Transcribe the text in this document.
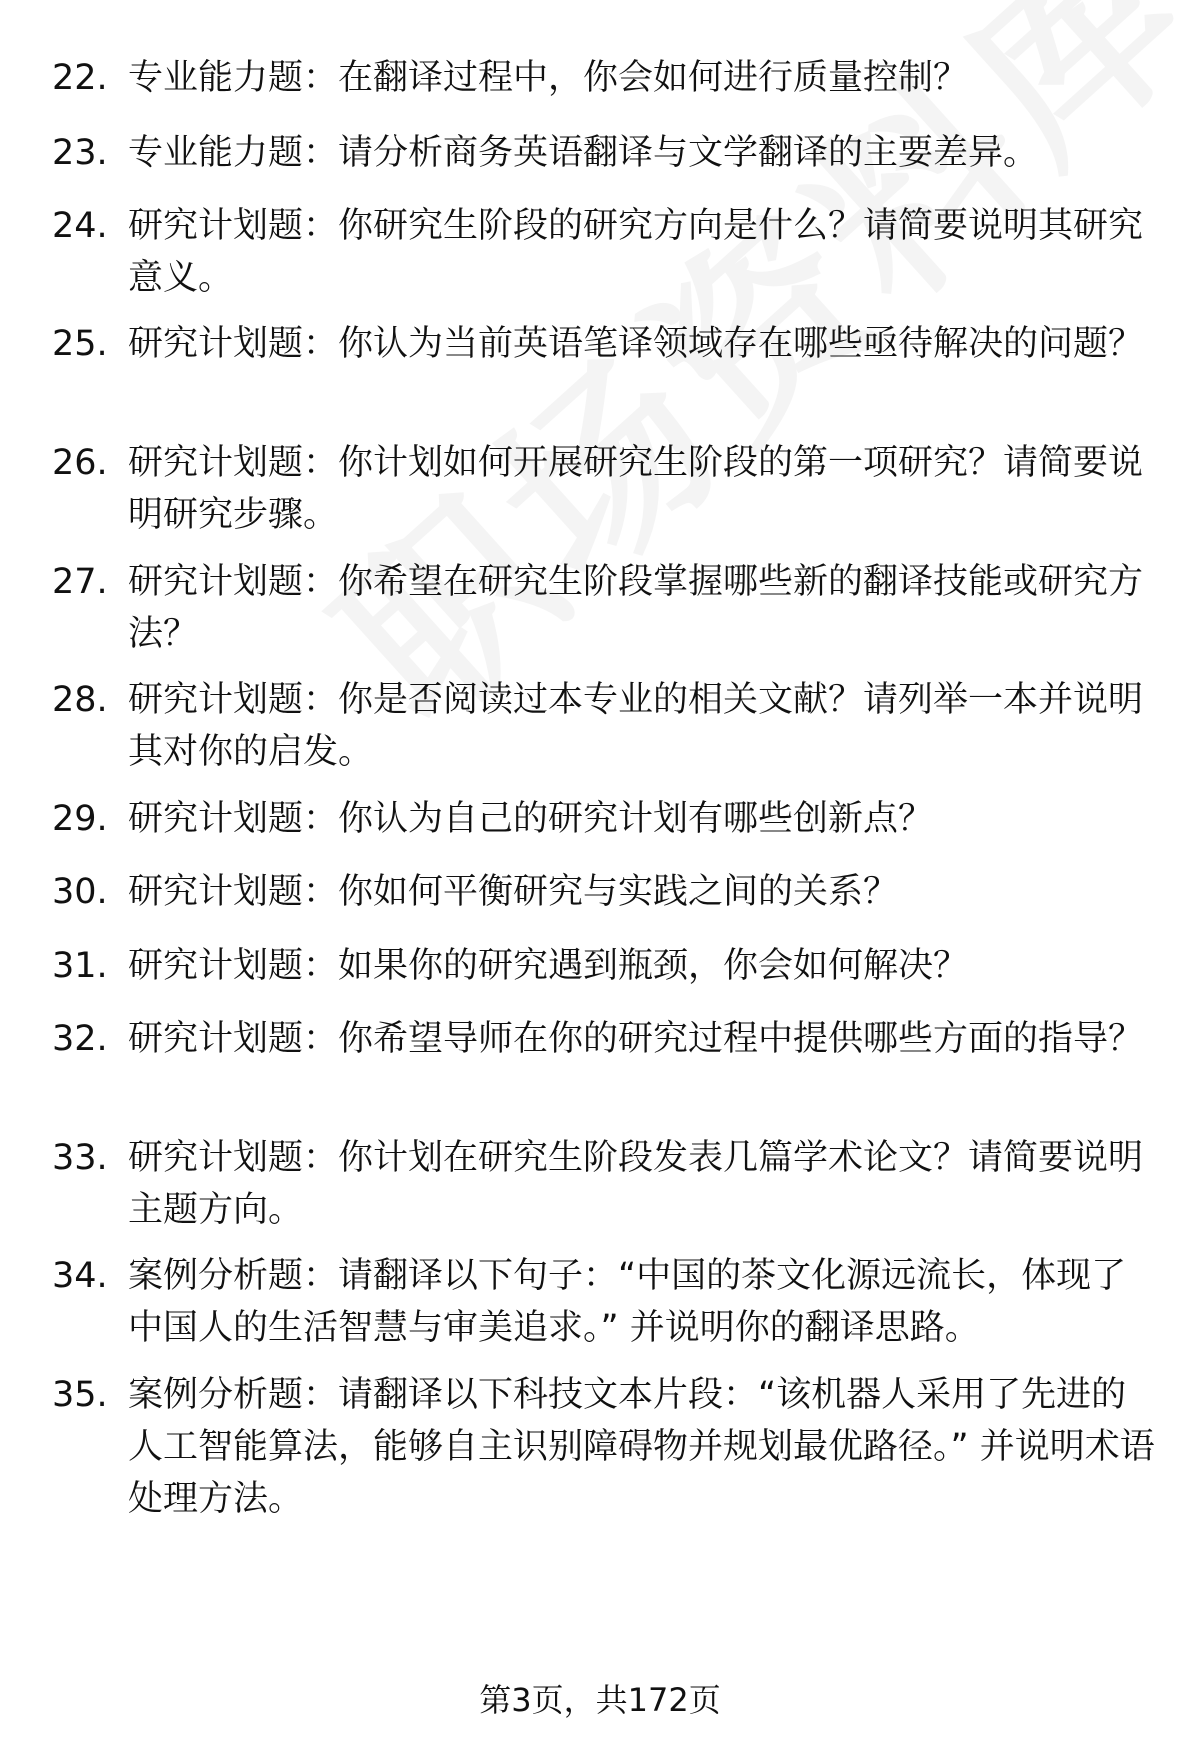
22. 专业能力题：在翻译过程中，你会如何进行质量控制？
23. 专业能力题：请分析商务英语翻译与文学翻译的主要差异。
24. 研究计划题：你研究生阶段的研究方向是什么？请简要说明其研究意义。
25. 研究计划题：你认为当前英语笔译领域存在哪些亟待解决的问题？
26. 研究计划题：你计划如何开展研究生阶段的第一项研究？请简要说明研究步骤。
27. 研究计划题：你希望在研究生阶段掌握哪些新的翻译技能或研究方法？
28. 研究计划题：你是否阅读过本专业的相关文献？请列举一本并说明其对你的启发。
29. 研究计划题：你认为自己的研究计划有哪些创新点？
30. 研究计划题：你如何平衡研究与实践之间的关系？
31. 研究计划题：如果你的研究遇到瓶颈，你会如何解决？
32. 研究计划题：你希望导师在你的研究过程中提供哪些方面的指导？
33. 研究计划题：你计划在研究生阶段发表几篇学术论文？请简要说明主题方向。
34. 案例分析题：请翻译以下句子：“中国的茶文化源远流长，体现了中国人的生活智慧与审美追求。” 并说明你的翻译思路。
35. 案例分析题：请翻译以下科技文本片段：“该机器人采用了先进的人工智能算法，能够自主识别障碍物并规划最优路径。” 并说明术语处理方法。
第3页，共172页
